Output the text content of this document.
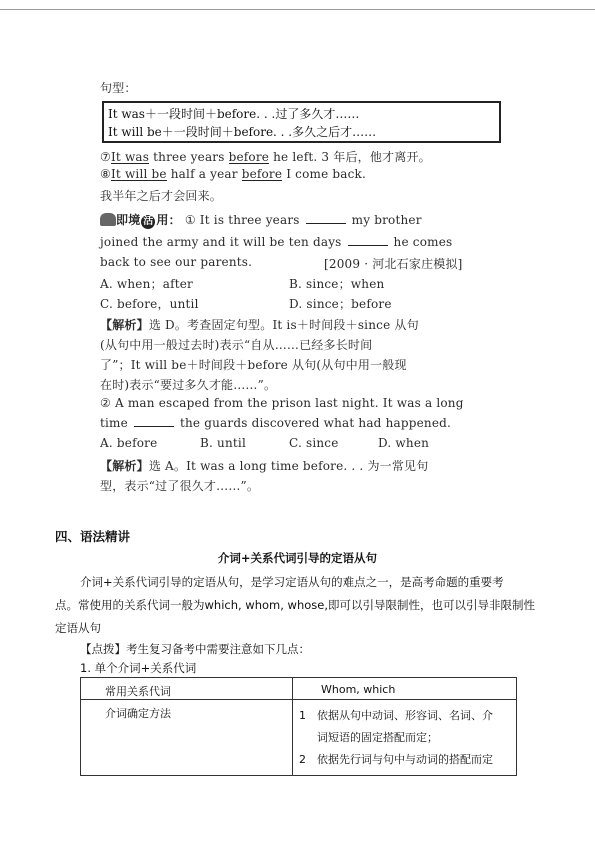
句型：
It was＋一段时间＋before. . .过了多久才……
It will be＋一段时间＋before. . .多久之后才……
⑦It was three years before he left. 3 年后，他才离开。
⑧It will be half a year before I come back.
我半年之后才会回来。
即境 活 用： ① It is three years	my brother
joined the army and it will be ten days	he comes
back to see our parents.	[2009 · 河北石家庄模拟]
A. when；after	B. since；when
C. before，until	D. since；before
【解析】选 D。考查固定句型。It is＋时间段＋since 从句
(从句中用一般过去时)表示“自从……已经多长时间
了”；It will be＋时间段＋before 从句(从句中用一般现
在时)表示“要过多久才能……”。
② A man escaped from the prison last night. It was a long
time	the guards discovered what had happened.
A. before	B. until	C. since	D. when
【解析】选 A。It was a long time before. . . 为一常见句
型，表示“过了很久才……”。
四、语法精讲
介词+关系代词引导的定语从句
介词+关系代词引导的定语从句，是学习定语从句的难点之一，是高考命题的重要考
点。常使用的关系代词一般为which, whom, whose,即可以引导限制性，也可以引导非限制性
定语从句
【点拨】考生复习备考中需要注意如下几点：
1. 单个介词+关系代词
常用关系代词	Whom, which
介词确定方法	1 依据从句中动词、形容词、名词、介
词短语的固定搭配而定；
2 依据先行词与句中与动词的搭配而定
